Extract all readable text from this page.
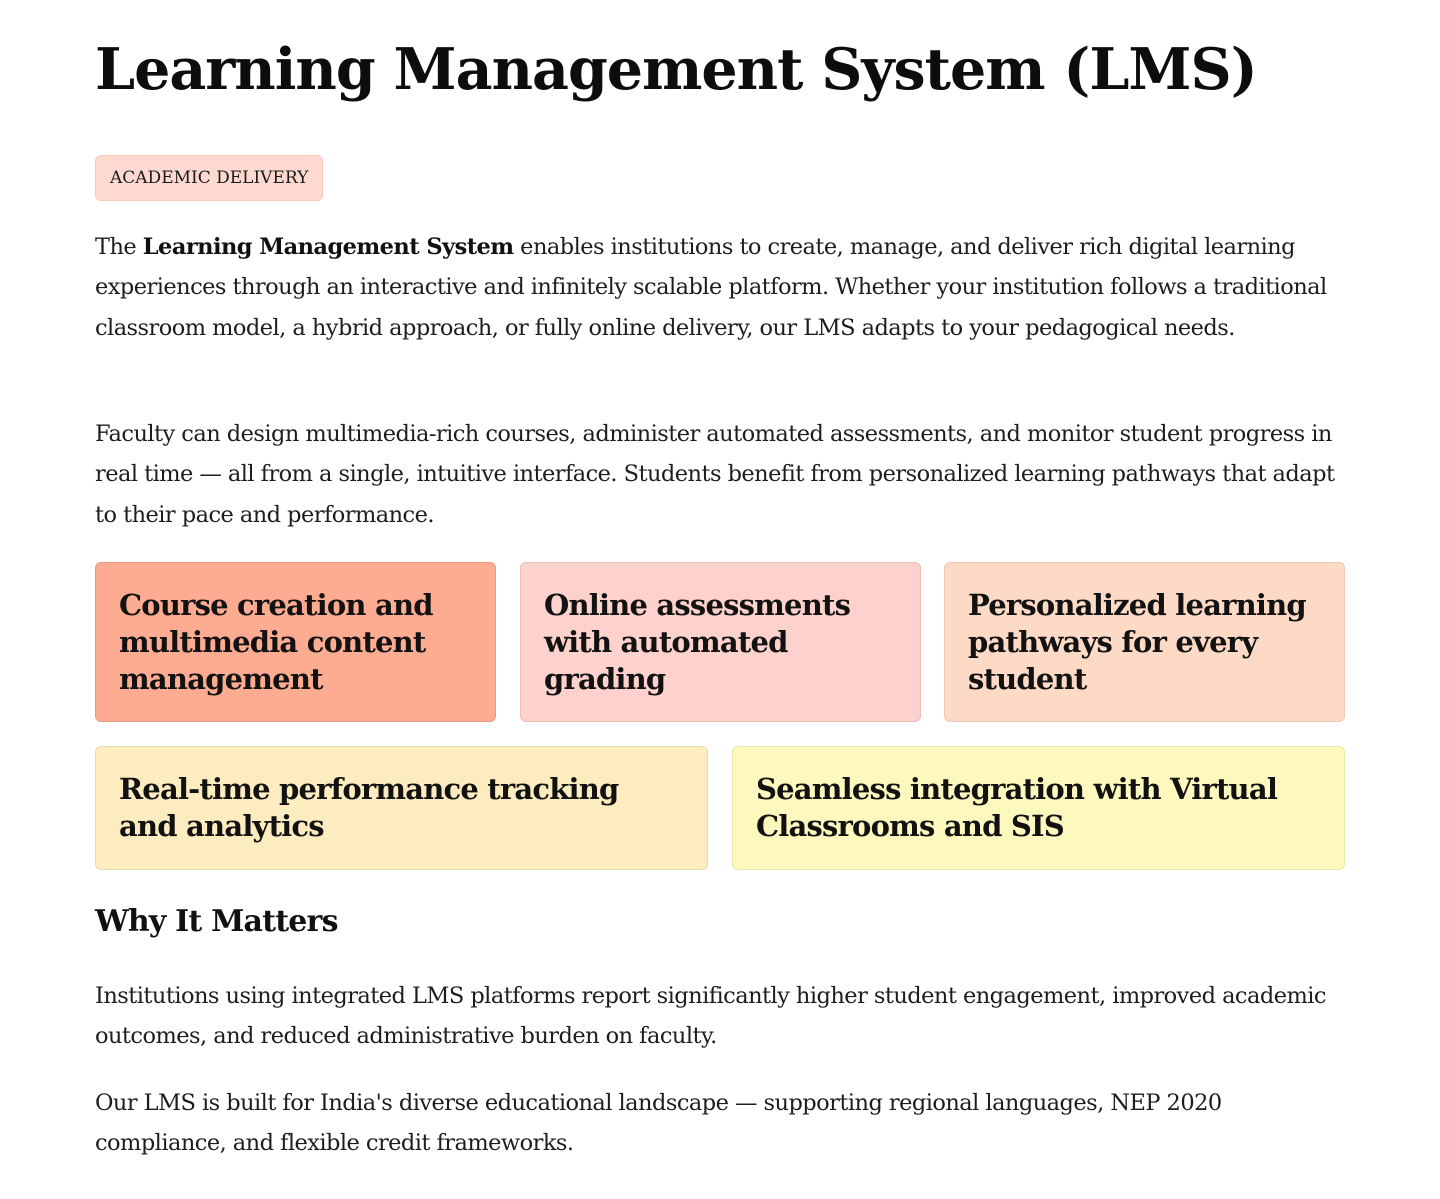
Learning Management System (LMS)
ACADEMIC DELIVERY

The Learning Management System enables institutions to create, manage, and deliver rich digital learning experiences through an interactive and infinitely scalable platform. Whether your institution follows a traditional classroom model, a hybrid approach, or fully online delivery, our LMS adapts to your pedagogical needs.

Faculty can design multimedia-rich courses, administer automated assessments, and monitor student progress in real time — all from a single, intuitive interface. Students benefit from personalized learning pathways that adapt to their pace and performance.

Course creation and multimedia content management
Online assessments with automated grading
Personalized learning pathways for every student
Real-time performance tracking and analytics
Seamless integration with Virtual Classrooms and SIS
Why It Matters

Institutions using integrated LMS platforms report significantly higher student engagement, improved academic outcomes, and reduced administrative burden on faculty.

Our LMS is built for India's diverse educational landscape — supporting regional languages, NEP 2020 compliance, and flexible credit frameworks.
